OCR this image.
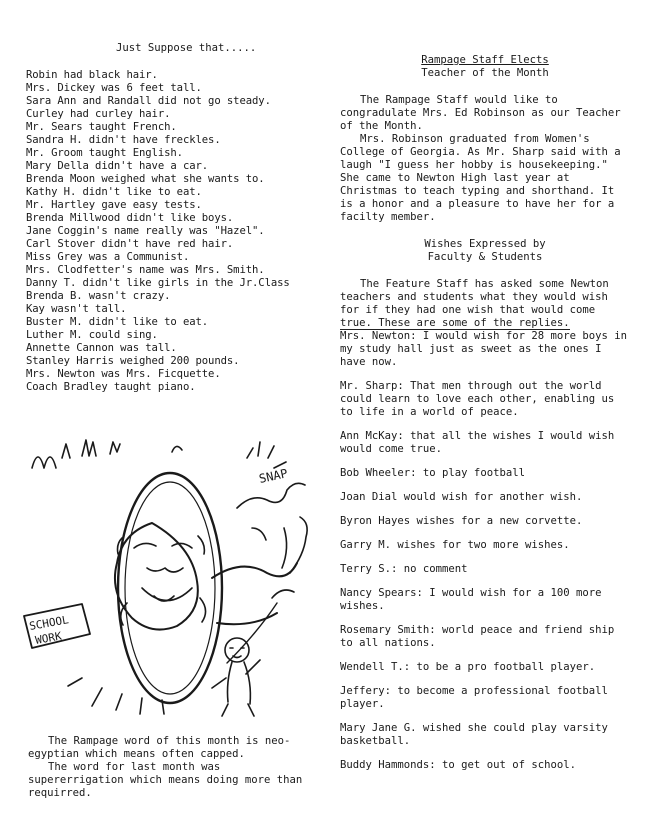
Just Suppose that.....
Robin had black hair.
Mrs. Dickey was 6 feet tall.
Sara Ann and Randall did not go steady.
Curley had curley hair.
Mr. Sears taught French.
Sandra H. didn't have freckles.
Mr. Groom taught English.
Mary Della didn't have a car.
Brenda Moon weighed what she wants to.
Kathy H. didn't like to eat.
Mr. Hartley gave easy tests.
Brenda Millwood didn't like boys.
Jane Coggin's name really was "Hazel".
Carl Stover didn't have red hair.
Miss Grey was a Communist.
Mrs. Clodfetter's name was Mrs. Smith.
Danny T. didn't like girls in the Jr.Class
Brenda B. wasn't crazy.
Kay wasn't tall.
Buster M. didn't like to eat.
Luther M. could sing.
Annette Cannon was tall.
Stanley Harris weighed 200 pounds.
Mrs. Newton was Mrs. Ficquette.
Coach Bradley taught piano.
SNAP
SCHOOL
WORK
The Rampage word of this month is neo-egyptian which means often capped.
The word for last month was supererrigation which means doing more than requirred.
Rampage Staff Elects
Teacher of the Month
The Rampage Staff would like to congradulate Mrs. Ed Robinson as our Teacher of the Month.
Mrs. Robinson graduated from Women's College of Georgia. As Mr. Sharp said with a laugh "I guess her hobby is housekeeping." She came to Newton High last year at Christmas to teach typing and shorthand. It is a honor and a pleasure to have her for a facilty member.
Wishes Expressed by
Faculty & Students
The Feature Staff has asked some Newton teachers and students what they would wish for if they had one wish that would come true. These are some of the replies.
Mrs. Newton: I would wish for 28 more boys in my study hall just as sweet as the ones I have now.
Mr. Sharp: That men through out the world could learn to love each other, enabling us to life in a world of peace.
Ann McKay: that all the wishes I would wish would come true.
Bob Wheeler: to play football
Joan Dial would wish for another wish.
Byron Hayes wishes for a new corvette.
Garry M. wishes for two more wishes.
Terry S.: no comment
Nancy Spears: I would wish for a 100 more wishes.
Rosemary Smith: world peace and friend ship to all nations.
Wendell T.: to be a pro football player.
Jeffery: to become a professional football player.
Mary Jane G. wished she could play varsity basketball.
Buddy Hammonds: to get out of school.
